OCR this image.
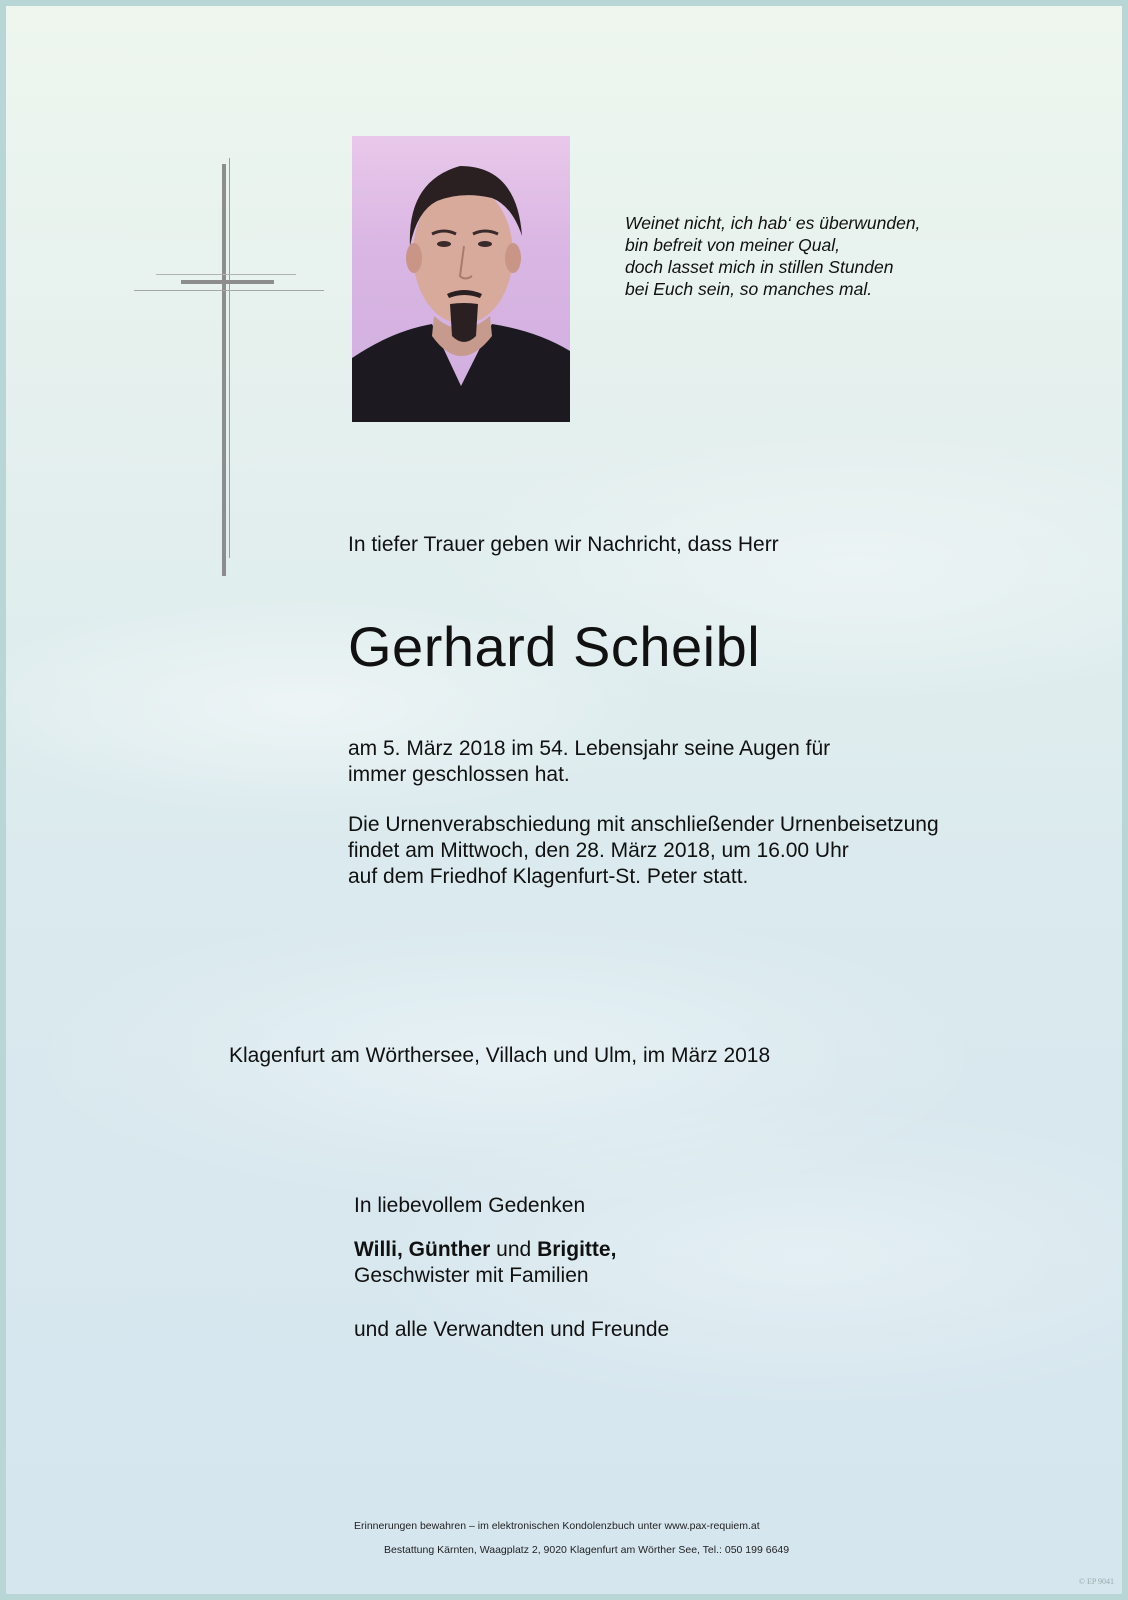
Weinet nicht, ich hab‘ es überwunden,
bin befreit von meiner Qual,
doch lasset mich in stillen Stunden
bei Euch sein, so manches mal.
In tiefer Trauer geben wir Nachricht, dass Herr
Gerhard Scheibl
am 5. März 2018 im 54. Lebensjahr seine Augen für
immer geschlossen hat.
Die Urnenverabschiedung mit anschließender Urnenbeisetzung
findet am Mittwoch, den 28. März 2018, um 16.00 Uhr
auf dem Friedhof Klagenfurt-St. Peter statt.
Klagenfurt am Wörthersee, Villach und Ulm, im März 2018
In liebevollem Gedenken
Willi, Günther und Brigitte,
Geschwister mit Familien
und alle Verwandten und Freunde
Erinnerungen bewahren – im elektronischen Kondolenzbuch unter www.pax-requiem.at
Bestattung Kärnten, Waagplatz 2, 9020 Klagenfurt am Wörther See, Tel.: 050 199 6649
© EP 9041
